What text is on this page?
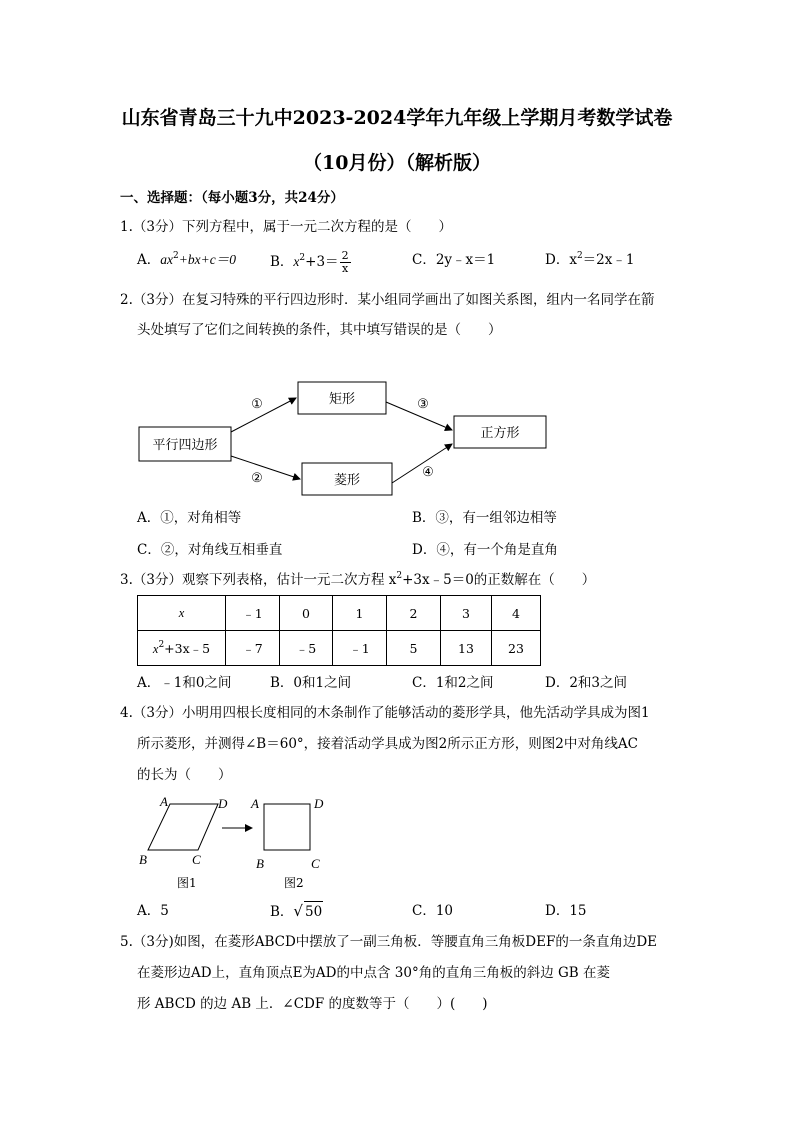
山东省青岛三十九中2023-2024学年九年级上学期月考数学试卷
（10月份）（解析版）
一、选择题：（每小题3分，共24分）
1.（3分）下列方程中，属于一元二次方程的是（　　）
A．$ax^2+bx+c=0$	B．$x^2+3= \frac{2}{x}$	C．2y﹣x＝1	D．$x^2=2x﹣1$
2.（3分）在复习特殊的平行四边形时．某小组同学画出了如图关系图，组内一名同学在箭
头处填写了它们之间转换的条件，其中填写错误的是（　　）
平行四边形
矩形
菱形
正方形
①
②
③
④
A．①，对角相等	B．③，有一组邻边相等
C．②，对角线互相垂直	D．④，有一个角是直角
3.（3分）观察下列表格，估计一元二次方程 $x^2+3x﹣5=0$的正数解在（　　）
x	﹣1	0	1	2	3	4
$x^2+3x﹣5$	﹣7	﹣5	﹣1	5	13	23
A．﹣1和0之间	B．0和1之间	C．1和2之间	D．2和3之间
4.（3分）小明用四根长度相同的木条制作了能够活动的菱形学具，他先活动学具成为图1
所示菱形，并测得∠B＝60°，接着活动学具成为图2所示正方形，则图2中对角线AC
的长为（　　）
A	D
B	C
A	D
B	C
图1	图2
A．5	B．√ 50	C．10	D．15
5.（3分)如图，在菱形ABCD中摆放了一副三角板．等腰直角三角板DEF的一条直角边DE
在菱形边AD上，直角顶点E为AD的中点含 30°角的直角三角板的斜边 GB 在菱
形 ABCD 的边 AB 上．∠CDF 的度数等于（　　）(　　)
